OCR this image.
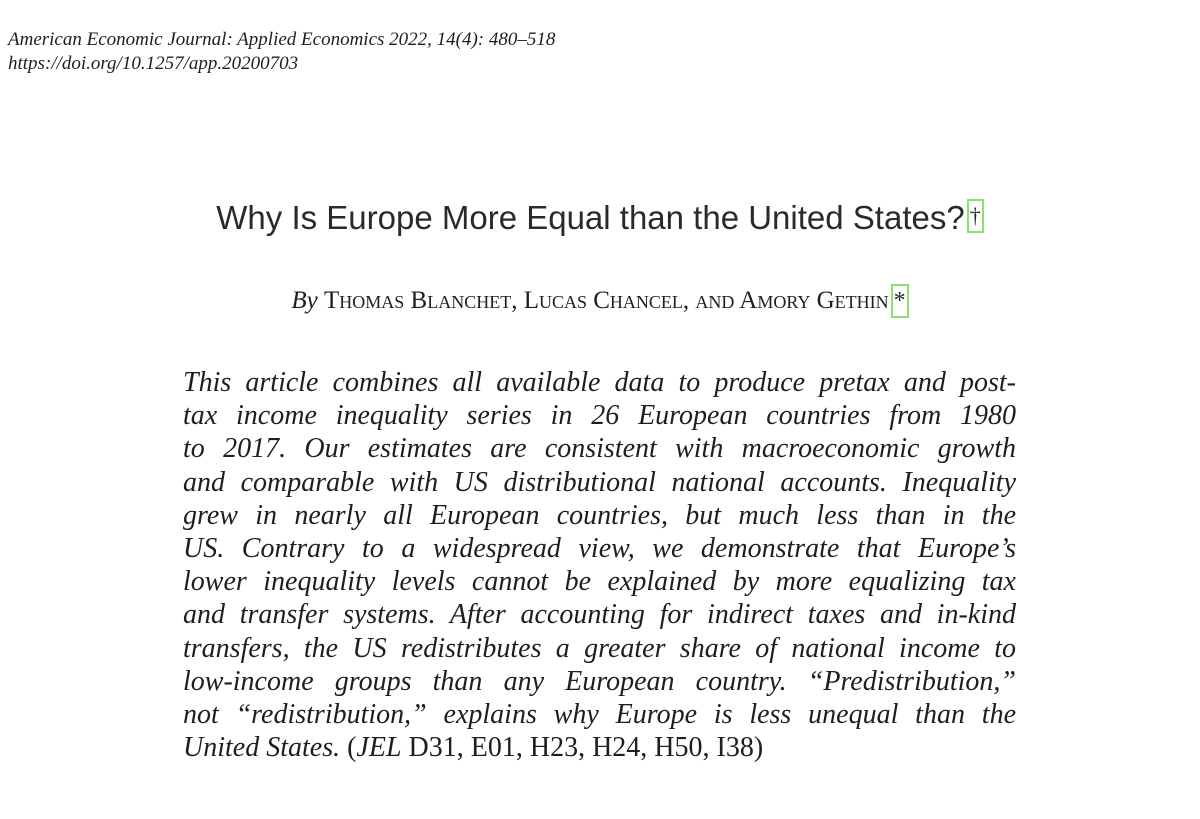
American Economic Journal: Applied Economics 2022, 14(4): 480–518
https://doi.org/10.1257/app.20200703
Why Is Europe More Equal than the United States? †
By Thomas Blanchet, Lucas Chancel, and Amory Gethin *
This article combines all available data to produce pretax and post-
tax income inequality series in 26 European countries from 1980
to 2017. Our estimates are consistent with macroeconomic growth
and comparable with US distributional national accounts. Inequality
grew in nearly all European countries, but much less than in the
US. Contrary to a widespread view, we demonstrate that Europe’s
lower inequality levels cannot be explained by more equalizing tax
and transfer systems. After accounting for indirect taxes and in-kind
transfers, the US redistributes a greater share of national income to
low-income groups than any European country. “Predistribution,”
not “redistribution,” explains why Europe is less unequal than the
United States. (JEL D31, E01, H23, H24, H50, I38)
